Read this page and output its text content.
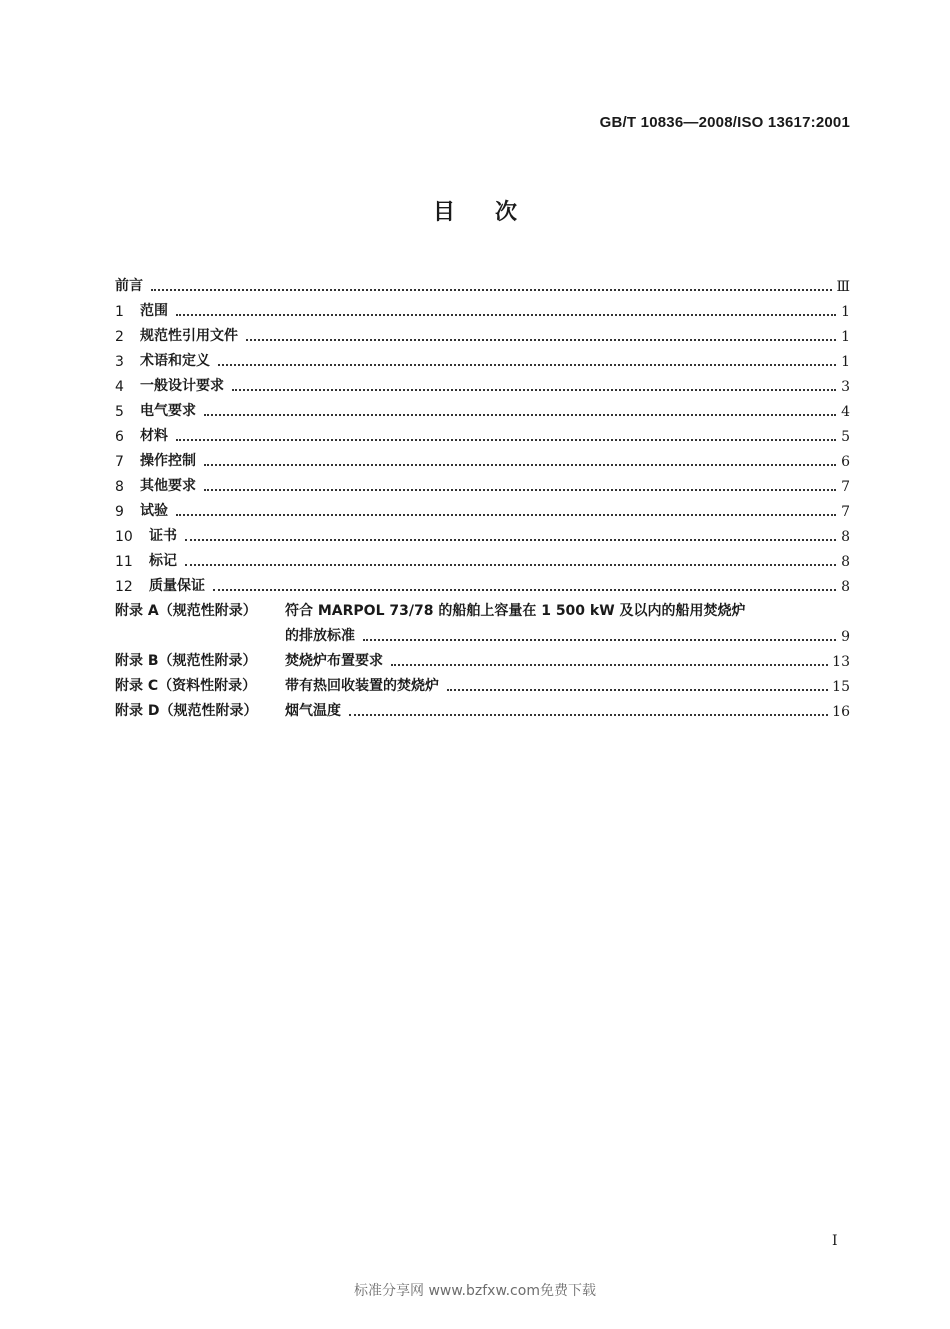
GB/T 10836—2008/ISO 13617:2001
目次
前言	Ⅲ
1	范围	1
2	规范性引用文件	1
3	术语和定义	1
4	一般设计要求	3
5	电气要求	4
6	材料	5
7	操作控制	6
8	其他要求	7
9	试验	7
10	证书	8
11	标记	8
12	质量保证	8
附录 A（规范性附录）	符合 MARPOL 73/78 的船舶上容量在 1 500 kW 及以内的船用焚烧炉
的排放标准	9
附录 B（规范性附录）	焚烧炉布置要求	13
附录 C（资料性附录）	带有热回收装置的焚烧炉	15
附录 D（规范性附录）	烟气温度	16
I
标准分享网 www.bzfxw.com免费下载
